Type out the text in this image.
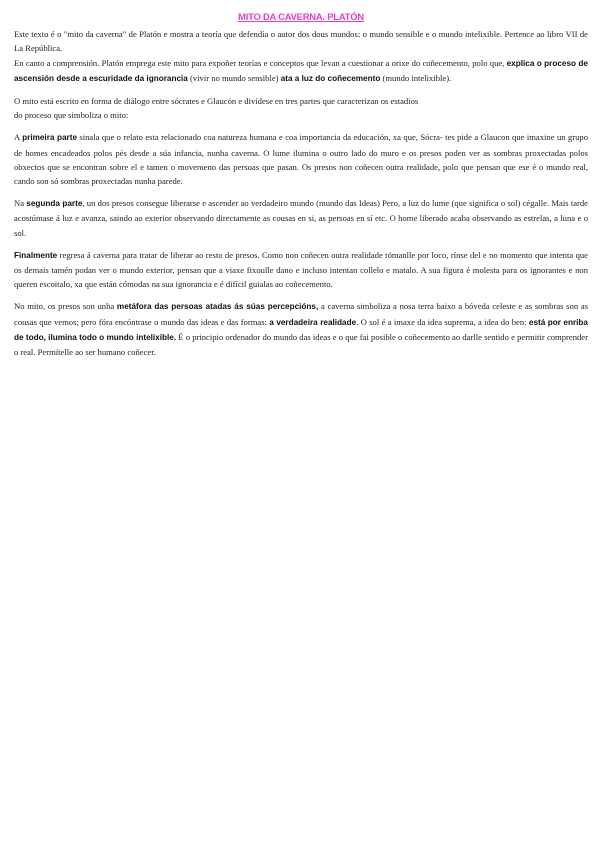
MITO DA CAVERNA. PLATÓN

Este texto é o "mito da caverna" de Platón e mostra a teoría que defendía o autor dos dous mundos: o mundo sensible e o mundo intelixible. Pertence ao libro VII de La República.

En canto a comprensión. Platón emprega este mito para expoñer teorías e conceptos que levan a cuestionar a orixe do coñecemento, polo que, explica o proceso de ascensión desde a escuridade da ignorancia (vivir no mundo sensible) ata a luz do coñecemento (mundo intelixible).

O mito está escrito en forma de diálogo entre sócrates e Glaucón e divídese en tres partes que caracterizan os estadios
do proceso que simboliza o mito:

A primeira parte sinala que o relato esta relacionado coa natureza humana e coa importancia da educación, xa que, Sócra- tes pide a Glaucon que imaxine un grupo de homes encadeados polos pés desde a súa infancia, nunha caverna. O lume ilumina o outro lado do muro e os presos poden ver as sombras proxectadas polos obxectos que se encontran sobre el e tamen o movemeno das persoas que pasan. Os presos non coñecen outra realidade, polo que pensan que ese é o mundo real, cando son só sombras proxectadas nunha parede.

Na segunda parte, un dos presos consegue liberarse e ascender ao verdadeiro mundo (mundo das Ideas) Pero, a luz do lume (que significa o sol) cégalle. Mais tarde acostúmase á luz e avanza, saindo ao exterior observando directamente as cousas en si, as persoas en sí etc. O home liberado acaba observando as estrelas, a luna e o sol.

Finalmente regresa á caverna para tratar de liberar ao resto de presos. Como non coñecen outra realidade tómanlle por loco, rínse del e no momento que intenta que os demais tamén podan ver o mundo exterior, pensan que a viaxe fixoulle dano e incluso intentan collelo e matalo. A sua figura é molesta para os ignorantes e non queren escoitalo, xa que están cómodas na sua ignorancia e é difícil guialas ao coñecemento.

No mito, os presos son unha metáfora das persoas atadas ás súas percepcións, a caverna simboliza a nosa terra baixo a bóveda celeste e as sombras son as cousas que vemos; pero fóra encóntrase o mundo das ideas e das formas: a verdadeira realidade. O sol é a imaxe da idea suprema, a idea do ben: está por enriba de todo, ilumina todo o mundo intelixible. É o principio ordenador do mundo das ideas e o que fai posible o coñecemento ao darlle sentido e permitir comprender o real. Permítelle ao ser humano coñecer.
